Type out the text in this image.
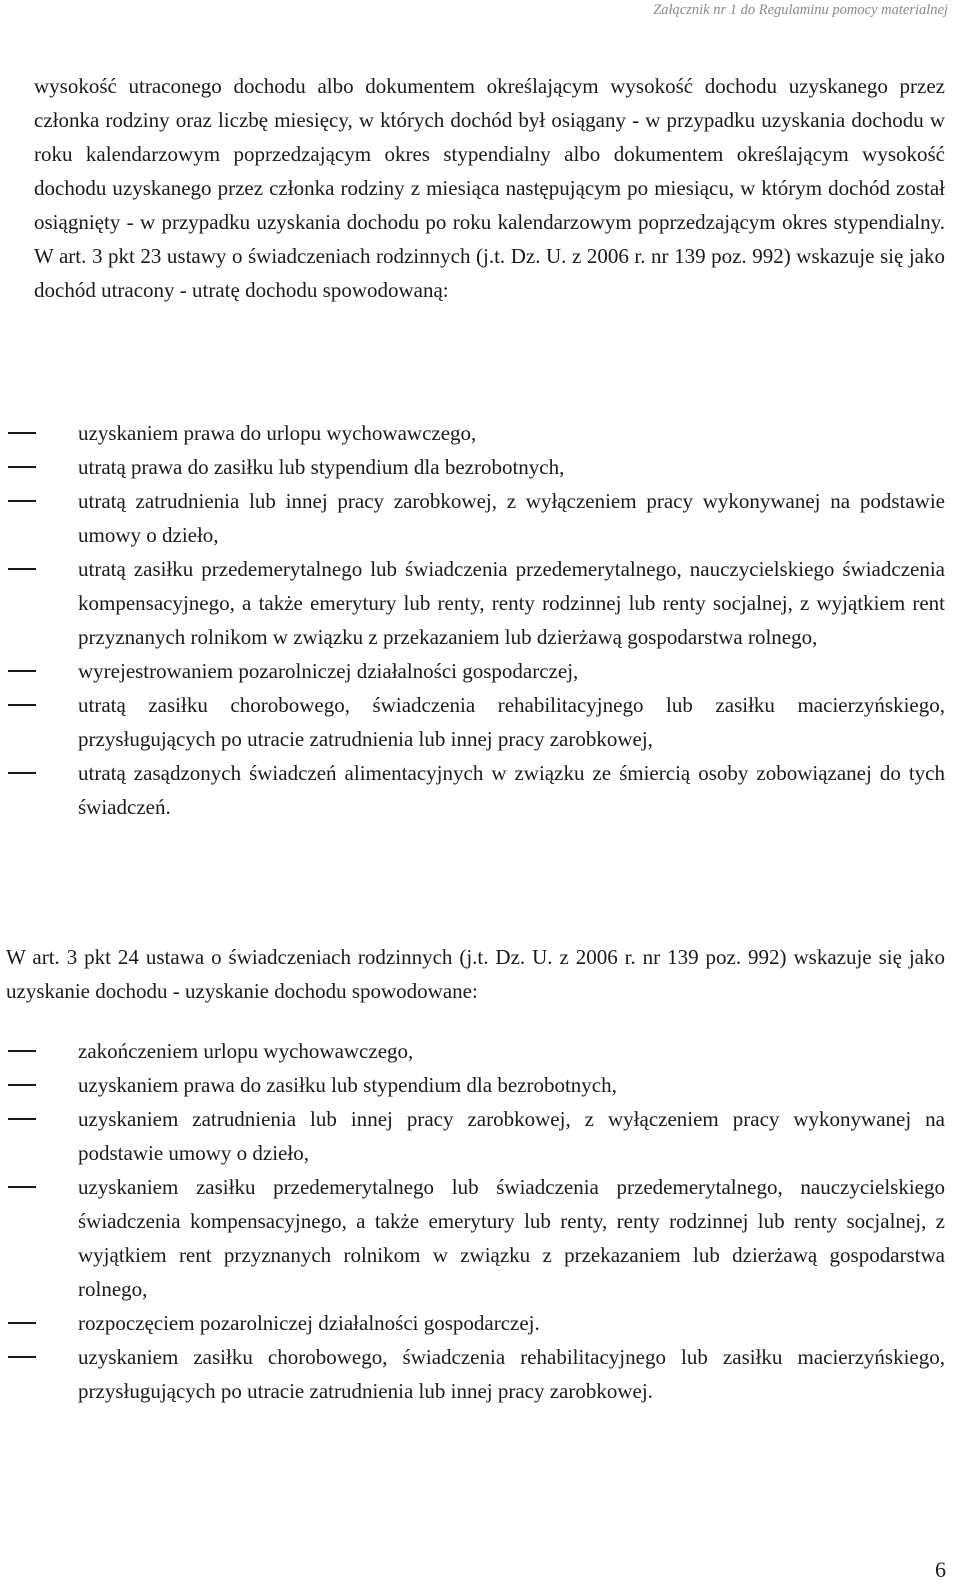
Załącznik nr 1 do Regulaminu pomocy materialnej
wysokość utraconego dochodu albo dokumentem określającym wysokość dochodu uzyskanego przez członka rodziny oraz liczbę miesięcy, w których dochód był osiągany - w przypadku uzyskania dochodu w roku kalendarzowym poprzedzającym okres stypendialny albo dokumentem określającym wysokość dochodu uzyskanego przez członka rodziny z miesiąca następującym po miesiącu, w którym dochód został osiągnięty - w przypadku uzyskania dochodu po roku kalendarzowym poprzedzającym okres stypendialny. W art. 3 pkt 23 ustawy o świadczeniach rodzinnych (j.t. Dz. U. z 2006 r. nr 139 poz. 992) wskazuje się jako dochód utracony - utratę dochodu spowodowaną:
uzyskaniem prawa do urlopu wychowawczego,
utratą prawa do zasiłku lub stypendium dla bezrobotnych,
utratą zatrudnienia lub innej pracy zarobkowej, z wyłączeniem pracy wykonywanej na podstawie umowy o dzieło,
utratą zasiłku przedemerytalnego lub świadczenia przedemerytalnego, nauczycielskiego świadczenia kompensacyjnego, a także emerytury lub renty, renty rodzinnej lub renty socjalnej, z wyjątkiem rent przyznanych rolnikom w związku z przekazaniem lub dzierżawą gospodarstwa rolnego,
wyrejestrowaniem pozarolniczej działalności gospodarczej,
utratą zasiłku chorobowego, świadczenia rehabilitacyjnego lub zasiłku macierzyńskiego, przysługujących po utracie zatrudnienia lub innej pracy zarobkowej,
utratą zasądzonych świadczeń alimentacyjnych w związku ze śmiercią osoby zobowiązanej do tych świadczeń.
W art. 3 pkt 24 ustawa o świadczeniach rodzinnych (j.t. Dz. U. z 2006 r. nr 139 poz. 992) wskazuje się jako uzyskanie dochodu - uzyskanie dochodu spowodowane:
zakończeniem urlopu wychowawczego,
uzyskaniem prawa do zasiłku lub stypendium dla bezrobotnych,
uzyskaniem zatrudnienia lub innej pracy zarobkowej, z wyłączeniem pracy wykonywanej na podstawie umowy o dzieło,
uzyskaniem zasiłku przedemerytalnego lub świadczenia przedemerytalnego, nauczycielskiego świadczenia kompensacyjnego, a także emerytury lub renty, renty rodzinnej lub renty socjalnej, z wyjątkiem rent przyznanych rolnikom w związku z przekazaniem lub dzierżawą gospodarstwa rolnego,
rozpoczęciem pozarolniczej działalności gospodarczej.
uzyskaniem zasiłku chorobowego, świadczenia rehabilitacyjnego lub zasiłku macierzyńskiego, przysługujących po utracie zatrudnienia lub innej pracy zarobkowej.
6
